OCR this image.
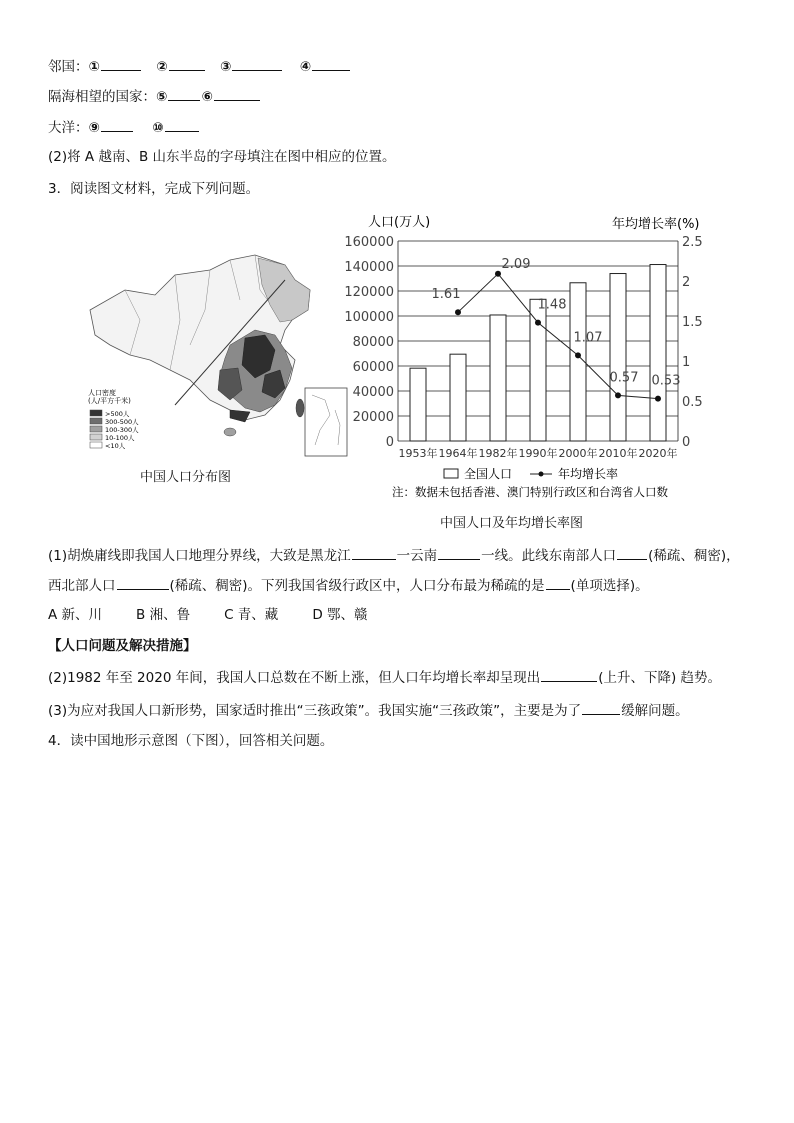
邻国：①	②	③	④
隔海相望的国家：⑤	⑥
大洋：⑨	⑩
(2)将 A 越南、B 山东半岛的字母填注在图中相应的位置。
3．阅读图文材料，完成下列问题。
人口密度
(人/平方千米)
>500人
300-500人
100-300人
10-100人
<10人
中国人口分布图
人口(万人)	年均增长率(%)
0
20000
40000
60000
80000
100000
120000
140000
160000
0
0.5
1
1.5
2
2.5
1953年 1964年 1982年 1990年 2000年 2010年 2020年
1.61
2.09
1.48
1.07
0.57 0.53
全国人口	年均增长率
注：数据未包括香港、澳门特别行政区和台湾省人口数
中国人口及年均增长率图
(1)胡焕庸线即我国人口地理分界线，大致是黑龙江	一云南	一线。此线东南部人口 (稀疏、稠密)，
西北部人口	(稀疏、稠密)。下列我国省级行政区中，人口分布最为稀疏的是 (单项选择)。
A 新、川	B 湘、鲁	C 青、藏	D 鄂、赣
【人口问题及解决措施】
(2)1982 年至 2020 年间，我国人口总数在不断上涨，但人口年均增长率却呈现出	(上升、下降) 趋势。
(3)为应对我国人口新形势，国家适时推出“三孩政策”。我国实施“三孩政策”，主要是为了	缓解问题。
4．读中国地形示意图（下图），回答相关问题。
